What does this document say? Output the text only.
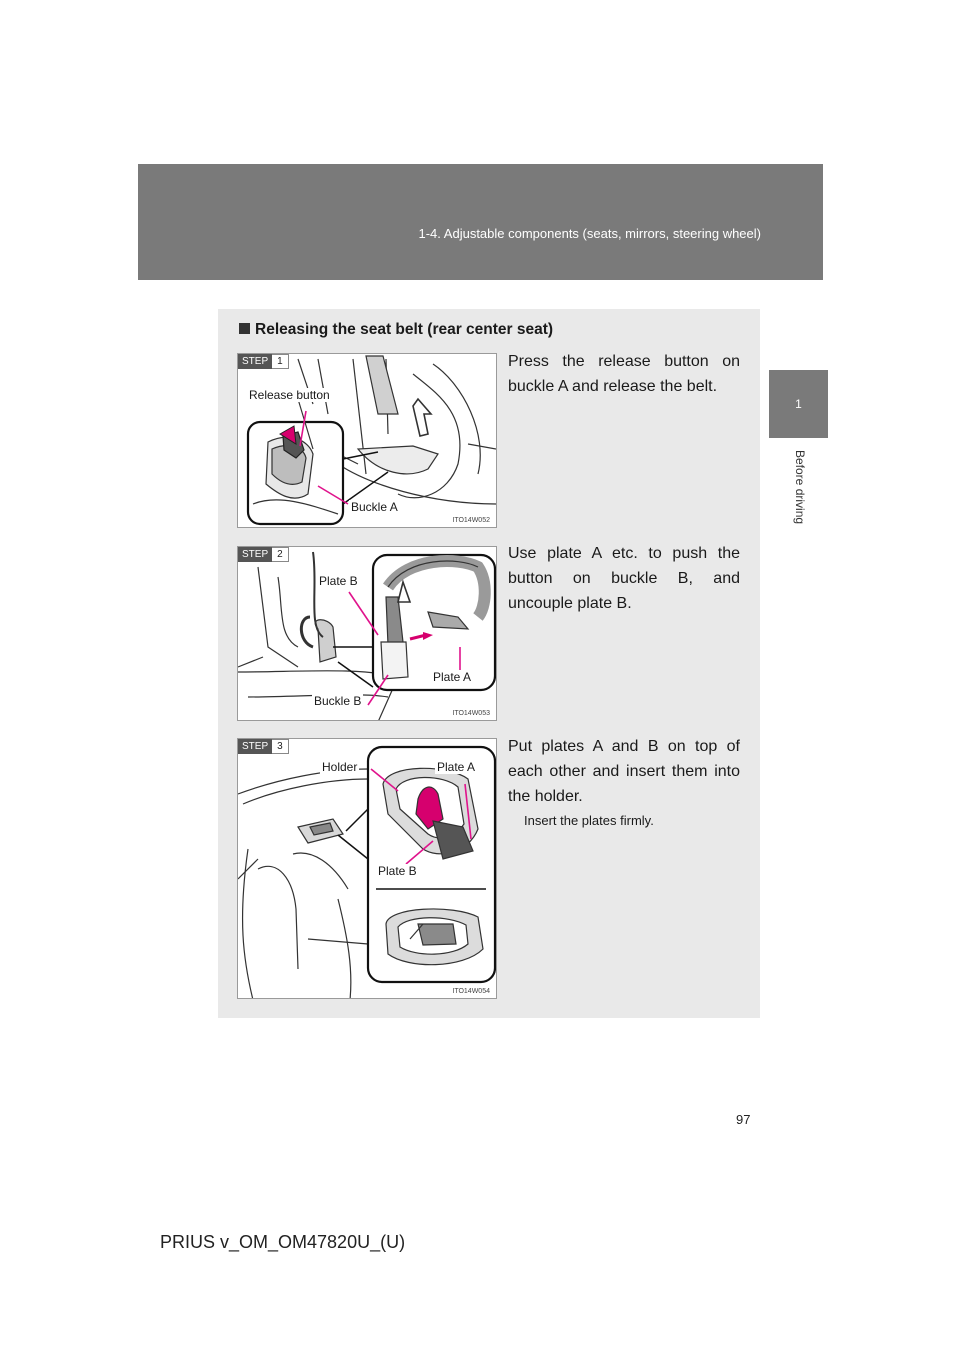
1-4. Adjustable components (seats, mirrors, steering wheel)
1
Before driving
Releasing the seat belt (rear center seat)
STEP 1
Release button
Buckle A
ITO14W052
Press the release button on buckle A and release the belt.
STEP 2
Plate B
Plate A
Buckle B
ITO14W053
Use plate A etc. to push the button on buckle B, and uncouple plate B.
STEP 3
Holder	Plate A
Plate B
ITO14W054
Put plates A and B on top of each other and insert them into the holder.
Insert the plates firmly.
97
PRIUS v_OM_OM47820U_(U)
